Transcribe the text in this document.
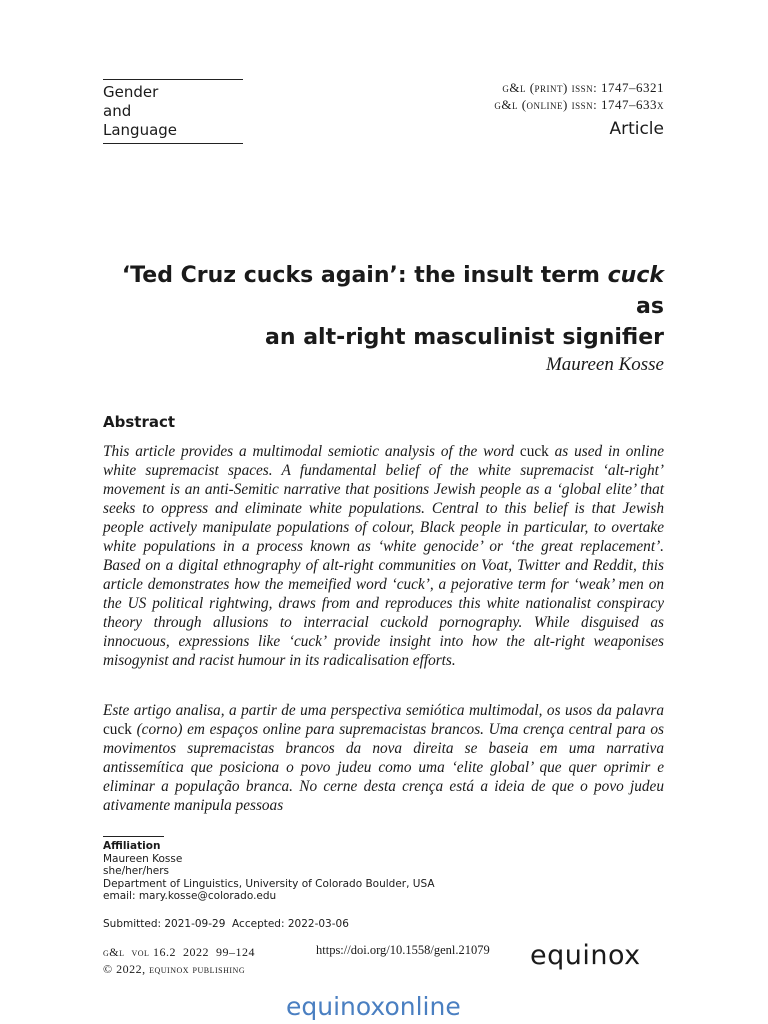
Gender
and
Language
g&l (print) issn: 1747–6321
g&l (online) issn: 1747–633x
Article
‘Ted Cruz cucks again’: the insult term cuck as
an alt-right masculinist signifier
Maureen Kosse
Abstract

This article provides a multimodal semiotic analysis of the word cuck as used in online white supremacist spaces. A fundamental belief of the white supremacist ‘alt-right’ movement is an anti-Semitic narrative that positions Jewish people as a ‘global elite’ that seeks to oppress and eliminate white populations. Central to this belief is that Jewish people actively manipulate populations of colour, Black people in particular, to overtake white populations in a process known as ‘white genocide’ or ‘the great replacement’. Based on a digital ethnography of alt-right communities on Voat, Twitter and Reddit, this article demonstrates how the memeified word ‘cuck’, a pejorative term for ‘weak’ men on the US political rightwing, draws from and reproduces this white nationalist conspiracy theory through allusions to interracial cuckold pornography. While disguised as innocuous, expressions like ‘cuck’ provide insight into how the alt-right weaponises misogynist and racist humour in its radicalisation efforts.

Este artigo analisa, a partir de uma perspectiva semiótica multimodal, os usos da palavra cuck (corno) em espaços online para supremacistas brancos. Uma crença central para os movimentos supremacistas brancos da nova direita se baseia em uma narrativa antissemítica que posiciona o povo judeu como uma ‘elite global’ que quer oprimir e eliminar a população branca. No cerne desta crença está a ideia de que o povo judeu ativamente manipula pessoas

Affiliation
Maureen Kosse
she/her/hers
Department of Linguistics, University of Colorado Boulder, USA
email: mary.kosse@colorado.edu
Submitted: 2021-09-29  Accepted: 2022-03-06
g&l  vol 16.2  2022  99–124
© 2022, equinox publishing
https://doi.org/10.1558/genl.21079 equinox
equinoxonline
